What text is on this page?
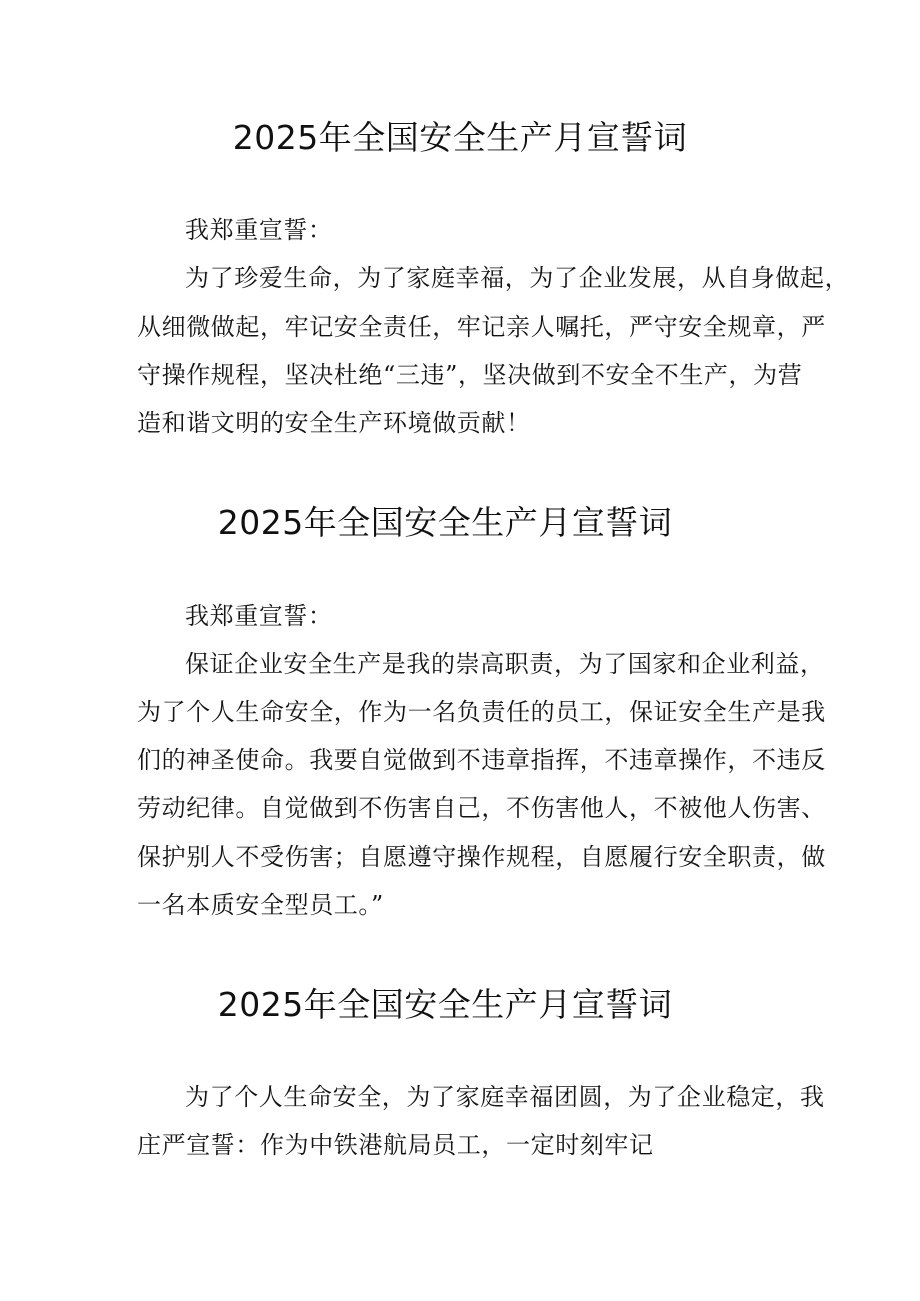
2025年全国安全生产月宣誓词

我郑重宣誓：

为了珍爱生命，为了家庭幸福，为了企业发展，从自身做起，

从细微做起，牢记安全责任，牢记亲人嘱托，严守安全规章，严

守操作规程，坚决杜绝“三违”，坚决做到不安全不生产，为营

造和谐文明的安全生产环境做贡献！

2025年全国安全生产月宣誓词

我郑重宣誓：

保证企业安全生产是我的崇高职责，为了国家和企业利益，

为了个人生命安全，作为一名负责任的员工，保证安全生产是我

们的神圣使命。我要自觉做到不违章指挥，不违章操作，不违反

劳动纪律。自觉做到不伤害自己，不伤害他人，不被他人伤害、

保护别人不受伤害；自愿遵守操作规程，自愿履行安全职责，做

一名本质安全型员工。”

2025年全国安全生产月宣誓词

为了个人生命安全，为了家庭幸福团圆，为了企业稳定，我

庄严宣誓：作为中铁港航局员工，一定时刻牢记
